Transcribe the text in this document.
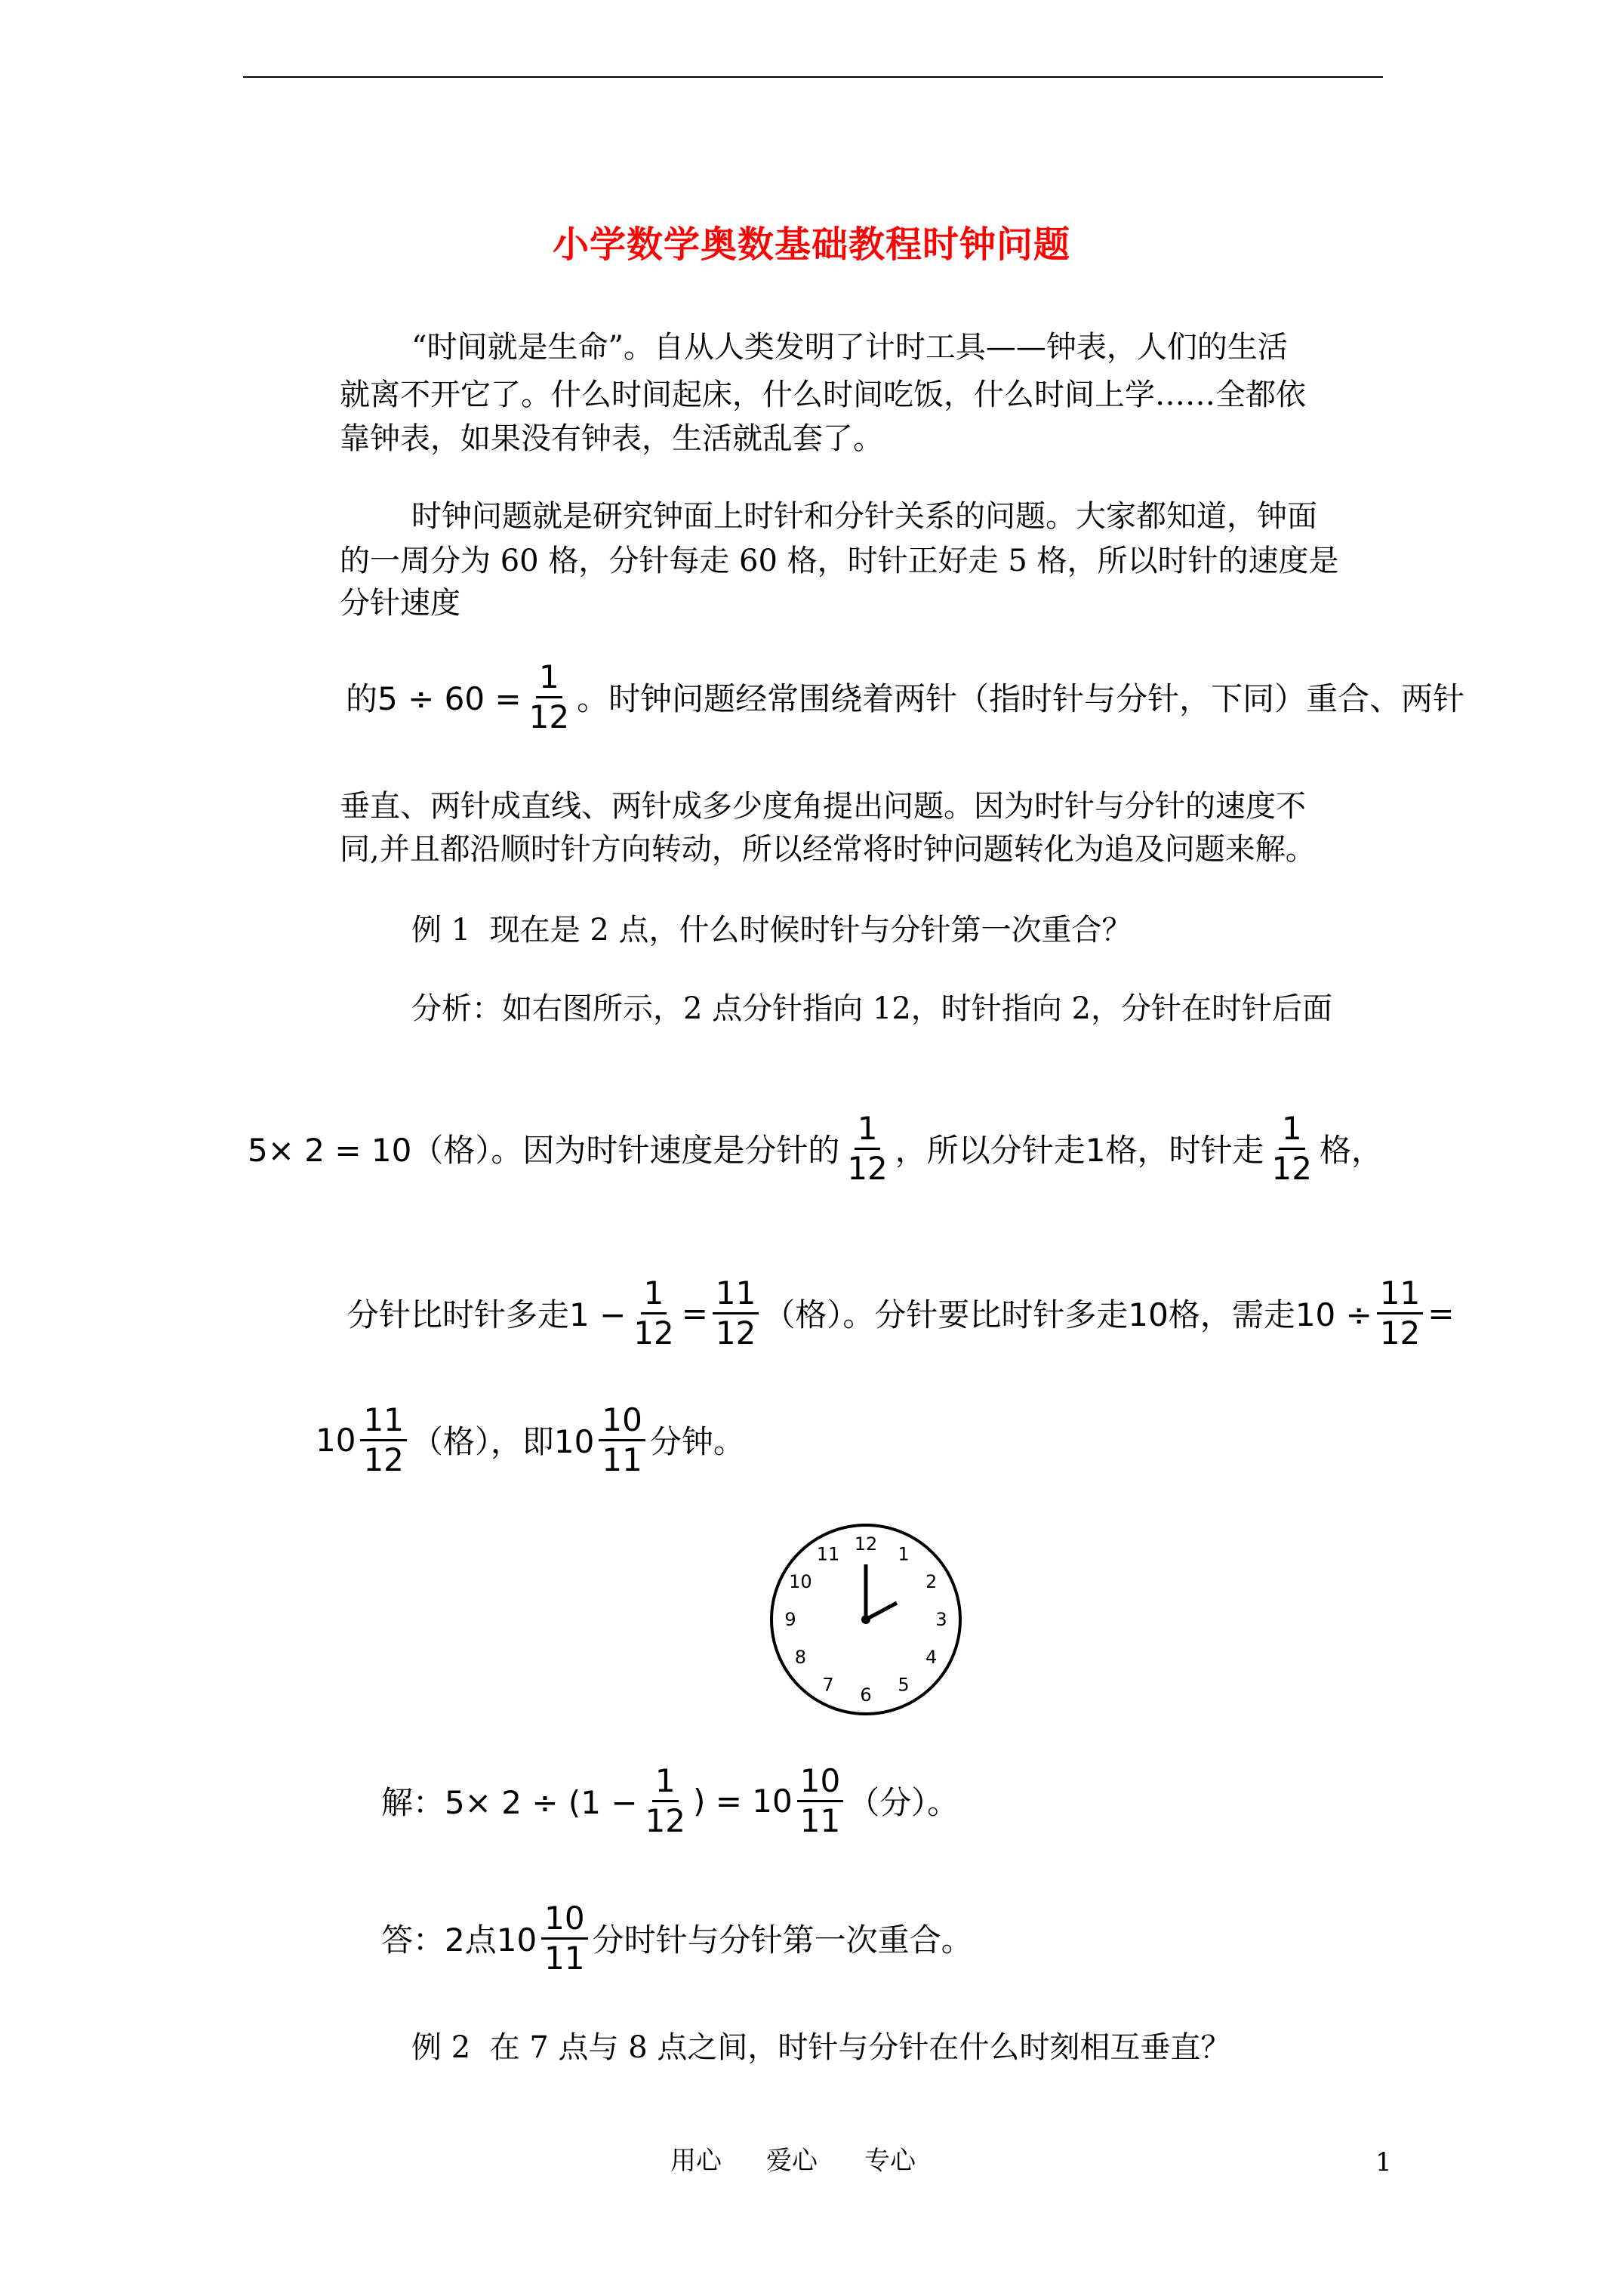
小学数学奥数基础教程时钟问题
“时间就是生命”。自从人类发明了计时工具——钟表，人们的生活
就离不开它了。什么时间起床，什么时间吃饭，什么时间上学……全都依
靠钟表，如果没有钟表，生活就乱套了。
时钟问题就是研究钟面上时针和分针关系的问题。大家都知道，钟面
的一周分为 60 格，分针每走 60 格，时针正好走 5 格，所以时针的速度是
分针速度
的$5 \div 60 = \frac{1}{12}$ 。时钟问题经常围绕着两针（指时针与分针，下同）重合、两针
垂直、两针成直线、两针成多少度角提出问题。因为时针与分针的速度不
同,并且都沿顺时针方向转动，所以经常将时钟问题转化为追及问题来解。
例 1 现在是 2 点，什么时候时针与分针第一次重合？
分析：如右图所示，2 点分针指向 12，时针指向 2，分针在时针后面
5× 2 = 10（格）。因为时针速度是分针的 $\frac{1}{12}$ ，所以分针走1格，时针走 $\frac{1}{12}$ 格，
分针比时针多走$1 - \frac{1}{12} = \frac{11}{12}$ （格）。分针要比时针多走10格，需走$10 \div \frac{11}{12}$ =
$10 \frac{11}{12}$ （格），即$10 \frac{10}{11}$ 分钟。
12 1
2
3
4
5
6
7
8
9
10
11
解：$5\times 2 \div (1 - \frac{1}{12}$ ) = $10 \frac{10}{11}$ （分）。
答：2点$10 \frac{10}{11}$ 分时针与分针第一次重合。
例 2 在 7 点与 8 点之间，时针与分针在什么时刻相互垂直？
用心 爱心 专心	1
